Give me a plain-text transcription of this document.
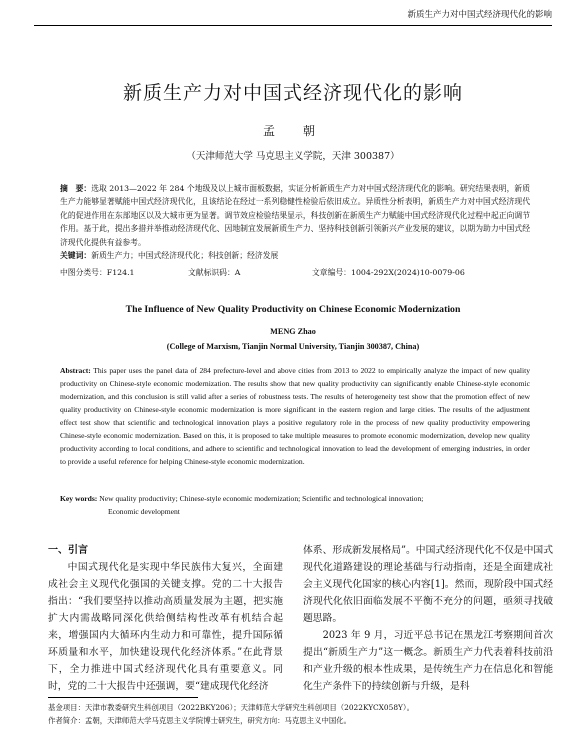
新质生产力对中国式经济现代化的影响
新质生产力对中国式经济现代化的影响
孟　朝
（天津师范大学 马克思主义学院，天津 300387）
摘　要：选取 2013—2022 年 284 个地级及以上城市面板数据，实证分析新质生产力对中国式经济现代化的影响。研究结果表明，新质生产力能够显著赋能中国式经济现代化，且该结论在经过一系列稳健性检验后依旧成立。异质性分析表明，新质生产力对中国式经济现代化的促进作用在东部地区以及大城市更为显著。调节效应检验结果显示，科技创新在新质生产力赋能中国式经济现代化过程中起正向调节作用。基于此，提出多措并举推动经济现代化、因地制宜发展新质生产力、坚持科技创新引领新兴产业发展的建议，以期为助力中国式经济现代化提供有益参考。
关键词：新质生产力；中国式经济现代化；科技创新；经济发展
中图分类号：F124.1	文献标识码：A	文章编号：1004-292X(2024)10-0079-06
The Influence of New Quality Productivity on Chinese Economic Modernization
MENG Zhao
(College of Marxism, Tianjin Normal University, Tianjin 300387, China)
Abstract: This paper uses the panel data of 284 prefecture-level and above cities from 2013 to 2022 to empirically analyze the impact of new quality productivity on Chinese-style economic modernization. The results show that new quality productivity can significantly enable Chinese-style economic modernization, and this conclusion is still valid after a series of robustness tests. The results of heterogeneity test show that the promotion effect of new quality productivity on Chinese-style economic modernization is more significant in the eastern region and large cities. The results of the adjustment effect test show that scientific and technological innovation plays a positive regulatory role in the process of new quality productivity empowering Chinese-style economic modernization. Based on this, it is proposed to take multiple measures to promote economic modernization, develop new quality productivity according to local conditions, and adhere to scientific and technological innovation to lead the development of emerging industries, in order to provide a useful reference for helping Chinese-style economic modernization.
Key words: New quality productivity; Chinese-style economic modernization; Scientific and technological innovation;
Economic development

一、引言

中国式现代化是实现中华民族伟大复兴，全面建成社会主义现代化强国的关键支撑。党的二十大报告指出：“我们要坚持以推动高质量发展为主题，把实施扩大内需战略同深化供给侧结构性改革有机结合起来，增强国内大循环内生动力和可靠性，提升国际循环质量和水平，加快建设现代化经济体系。”在此背景下，全力推进中国式经济现代化具有重要意义。同时，党的二十大报告中还强调，要“建成现代化经济

体系、形成新发展格局”。中国式经济现代化不仅是中国式现代化道路建设的理论基础与行动指南，还是全面建成社会主义现代化国家的核心内容[1]。然而，现阶段中国式经济现代化依旧面临发展不平衡不充分的问题，亟须寻找破题思路。

2023 年 9 月，习近平总书记在黑龙江考察期间首次提出“新质生产力”这一概念。新质生产力代表着科技前沿和产业升级的根本性成果，是传统生产力在信息化和智能化生产条件下的持续创新与升级，是科

基金项目：天津市教委研究生科创项目（2022BKY206）；天津师范大学研究生科创项目（2022KYCX058Y）。
作者简介：孟朝，天津师范大学马克思主义学院博士研究生，研究方向：马克思主义中国化。
